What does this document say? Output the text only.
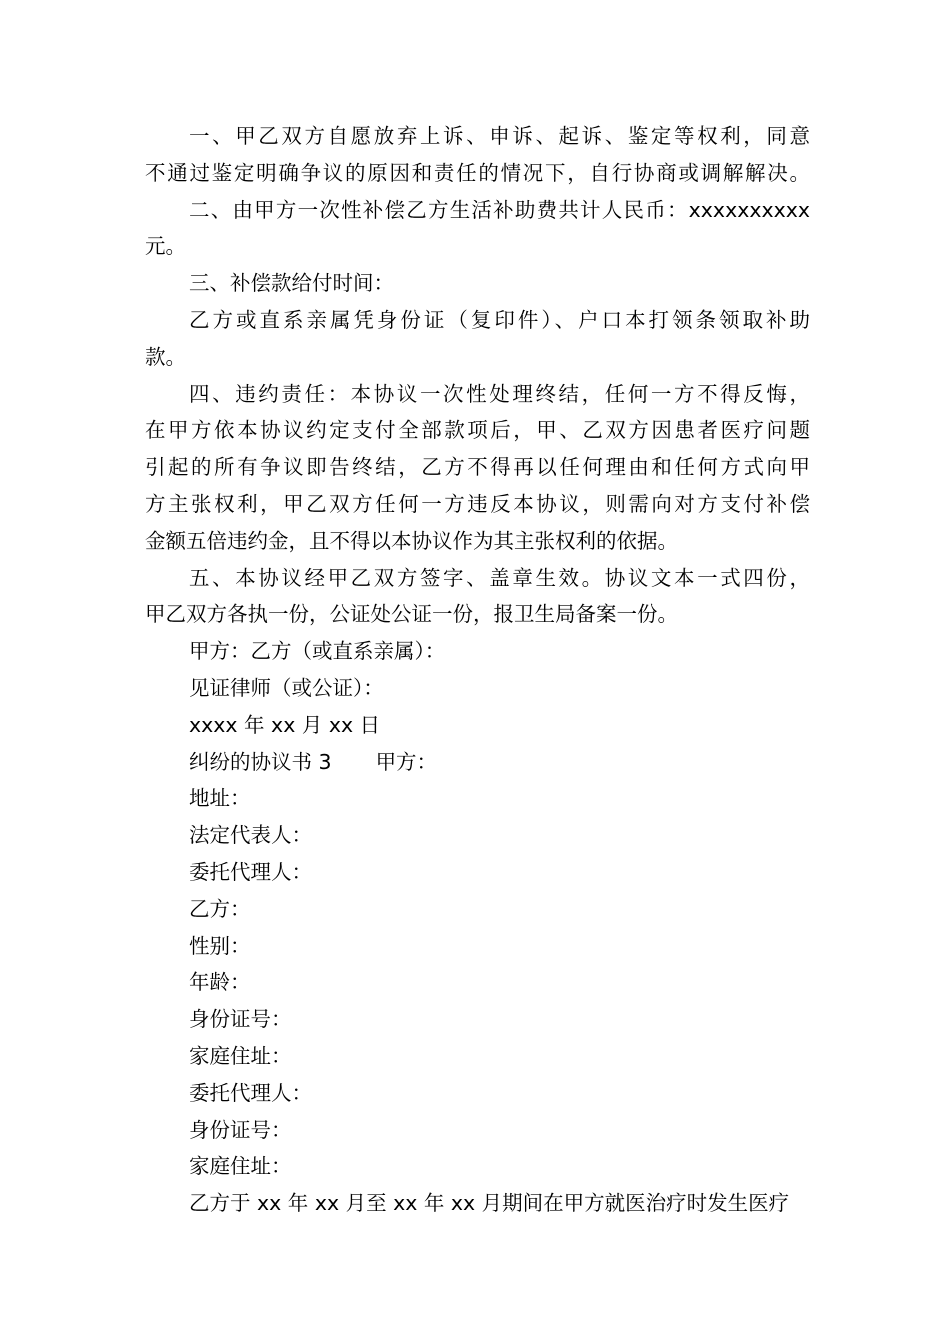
一、甲乙双方自愿放弃上诉、申诉、起诉、鉴定等权利，同意
不通过鉴定明确争议的原因和责任的情况下，自行协商或调解解决。
二、由甲方一次性补偿乙方生活补助费共计人民币：xxxxxxxxxx
元。
三、补偿款给付时间：
乙方或直系亲属凭身份证（复印件）、户口本打领条领取补助
款。
四、违约责任：本协议一次性处理终结，任何一方不得反悔，
在甲方依本协议约定支付全部款项后，甲、乙双方因患者医疗问题
引起的所有争议即告终结，乙方不得再以任何理由和任何方式向甲
方主张权利，甲乙双方任何一方违反本协议，则需向对方支付补偿
金额五倍违约金，且不得以本协议作为其主张权利的依据。
五、本协议经甲乙双方签字、盖章生效。协议文本一式四份，
甲乙双方各执一份，公证处公证一份，报卫生局备案一份。
甲方：乙方（或直系亲属）：
见证律师（或公证）：
xxxx 年 xx 月 xx 日
纠纷的协议书 3 甲方：
地址：
法定代表人：
委托代理人：
乙方：
性别：
年龄：
身份证号：
家庭住址：
委托代理人：
身份证号：
家庭住址：
乙方于 xx 年 xx 月至 xx 年 xx 月期间在甲方就医治疗时发生医疗
